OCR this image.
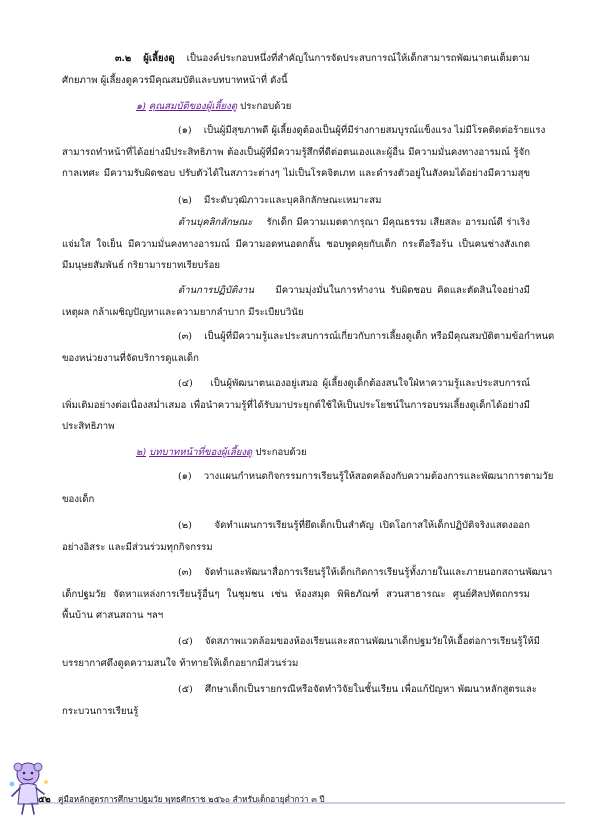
๓.๒ ผู้เลี้ยงดู เป็นองค์ประกอบหนึ่งที่สำคัญในการจัดประสบการณ์ให้เด็กสามารถพัฒนาตนเต็มตาม
ศักยภาพ ผู้เลี้ยงดูควรมีคุณสมบัติและบทบาทหน้าที่ ดังนี้
๑) คุณสมบัติของผู้เลี้ยงดู ประกอบด้วย
(๑) เป็นผู้มีสุขภาพดี ผู้เลี้ยงดูต้องเป็นผู้ที่มีร่างกายสมบูรณ์แข็งแรง ไม่มีโรคติดต่อร้ายแรง
สามารถทำหน้าที่ได้อย่างมีประสิทธิภาพ ต้องเป็นผู้ที่มีความรู้สึกที่ดีต่อตนเองและผู้อื่น มีความมั่นคงทางอารมณ์ รู้จัก
กาลเทศะ มีความรับผิดชอบ ปรับตัวได้ในสภาวะต่างๆ ไม่เป็นโรคจิตเภท และดำรงตัวอยู่ในสังคมได้อย่างมีความสุข
(๒) มีระดับวุฒิภาวะและบุคลิกลักษณะเหมาะสม
ด้านบุคลิกลักษณะ รักเด็ก มีความเมตตากรุณา มีคุณธรรม เสียสละ อารมณ์ดี ร่าเริง
แจ่มใส ใจเย็น มีความมั่นคงทางอารมณ์ มีความอดทนอดกลั้น ชอบพูดคุยกับเด็ก กระตือรือร้น เป็นคนช่างสังเกต
มีมนุษยสัมพันธ์ กริยามารยาทเรียบร้อย
ด้านการปฏิบัติงาน มีความมุ่งมั่นในการทำงาน รับผิดชอบ คิดและตัดสินใจอย่างมี
เหตุผล กล้าเผชิญปัญหาและความยากลำบาก มีระเบียบวินัย
(๓) เป็นผู้ที่มีความรู้และประสบการณ์เกี่ยวกับการเลี้ยงดูเด็ก หรือมีคุณสมบัติตามข้อกำหนด
ของหน่วยงานที่จัดบริการดูแลเด็ก
(๔) เป็นผู้พัฒนาตนเองอยู่เสมอ ผู้เลี้ยงดูเด็กต้องสนใจใฝ่หาความรู้และประสบการณ์
เพิ่มเติมอย่างต่อเนื่องสม่ำเสมอ เพื่อนำความรู้ที่ได้รับมาประยุกต์ใช้ให้เป็นประโยชน์ในการอบรมเลี้ยงดูเด็กได้อย่างมี
ประสิทธิภาพ
๒) บทบาทหน้าที่ของผู้เลี้ยงดู ประกอบด้วย
(๑) วางแผนกำหนดกิจกรรมการเรียนรู้ให้สอดคล้องกับความต้องการและพัฒนาการตามวัย
ของเด็ก
(๒) จัดทำแผนการเรียนรู้ที่ยึดเด็กเป็นสำคัญ เปิดโอกาสให้เด็กปฏิบัติจริงแสดงออก
อย่างอิสระ และมีส่วนร่วมทุกกิจกรรม
(๓) จัดทำและพัฒนาสื่อการเรียนรู้ให้เด็กเกิดการเรียนรู้ทั้งภายในและภายนอกสถานพัฒนา
เด็กปฐมวัย จัดหาแหล่งการเรียนรู้อื่นๆ ในชุมชน เช่น ห้องสมุด พิพิธภัณฑ์ สวนสาธารณะ ศูนย์ศิลปหัตถกรรม
พื้นบ้าน ศาสนสถาน ฯลฯ
(๔) จัดสภาพแวดล้อมของห้องเรียนและสถานพัฒนาเด็กปฐมวัยให้เอื้อต่อการเรียนรู้ให้มี
บรรยากาศดึงดูดความสนใจ ท้าทายให้เด็กอยากมีส่วนร่วม
(๕) ศึกษาเด็กเป็นรายกรณีหรือจัดทำวิจัยในชั้นเรียน เพื่อแก้ปัญหา พัฒนาหลักสูตรและ
กระบวนการเรียนรู้
๕๒ คู่มือหลักสูตรการศึกษาปฐมวัย พุทธศักราช ๒๕๖๐ สำหรับเด็กอายุต่ำกว่า ๓ ปี
